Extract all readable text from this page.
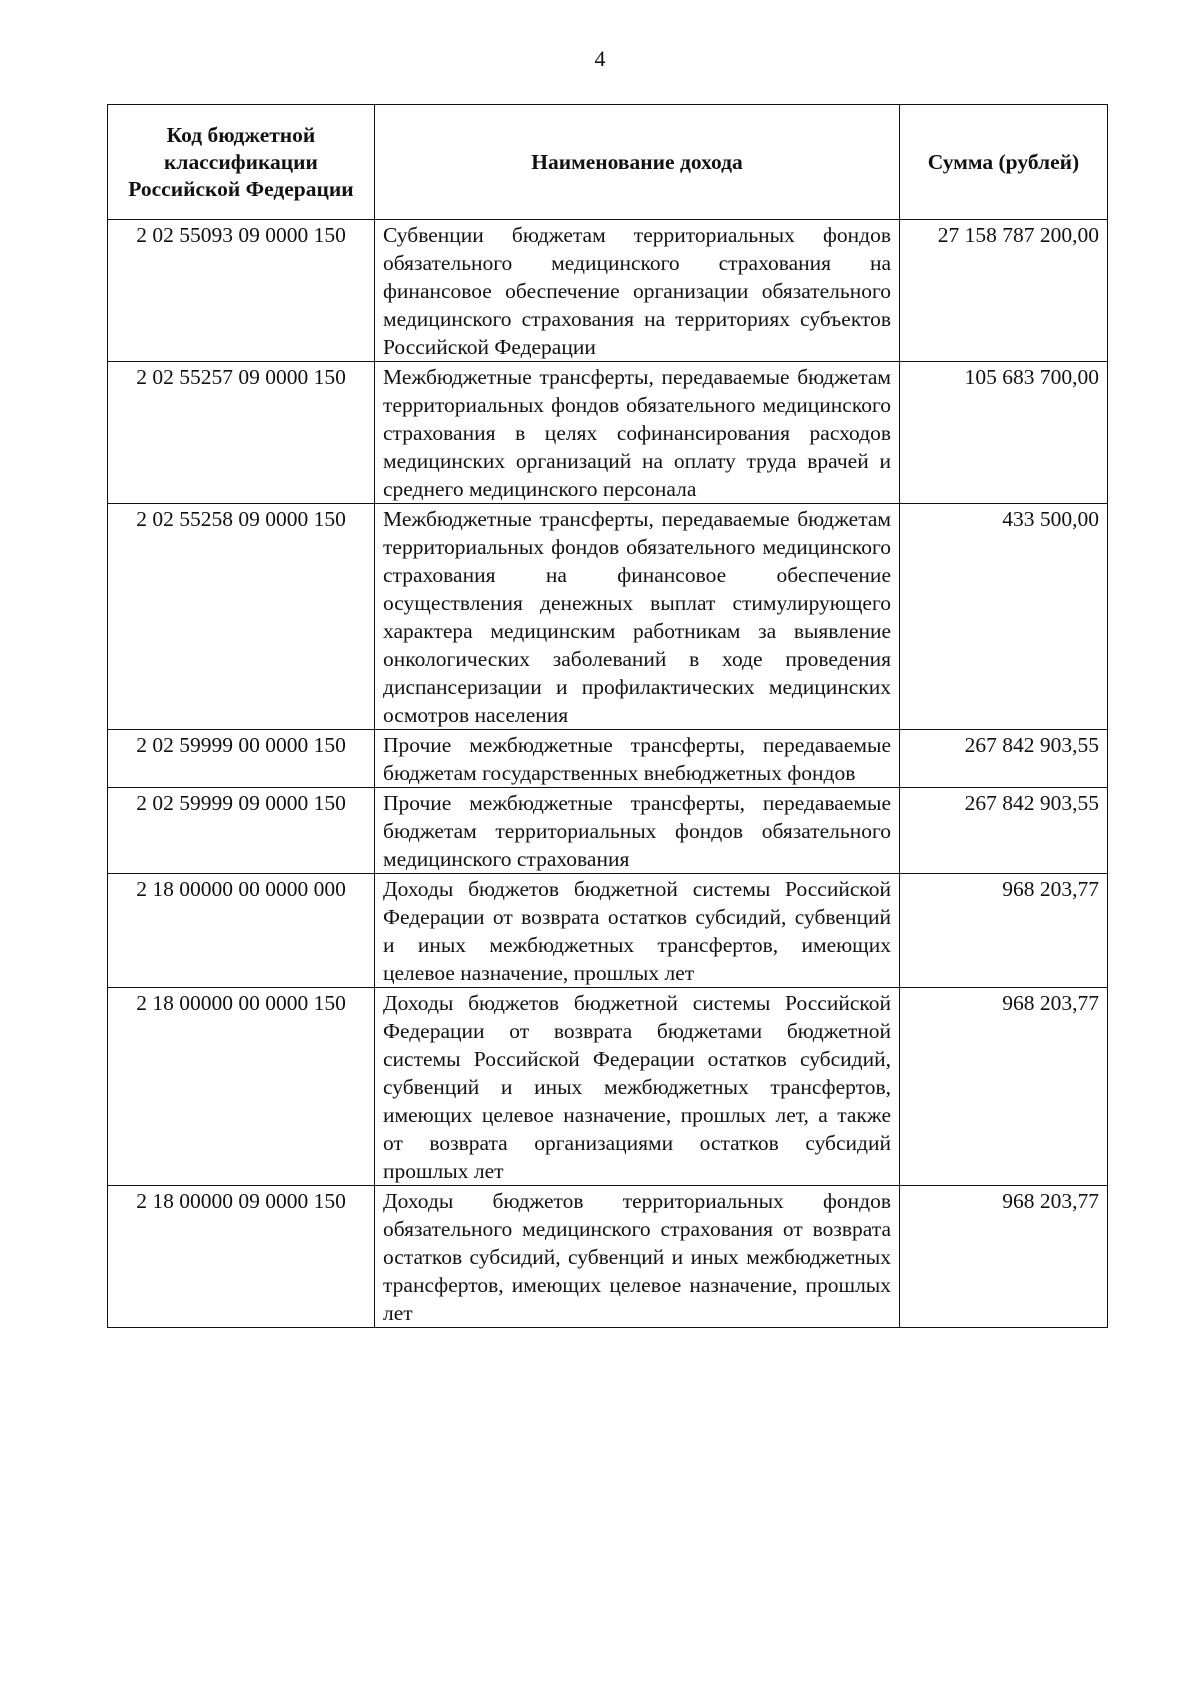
4
Код бюджетной классификации Российской Федерации	Наименование дохода	Сумма (рублей)
2 02 55093 09 0000 150	Субвенции бюджетам территориальных фондов обязательного медицинского страхования на финансовое обеспечение организации обязательного медицинского страхования на территориях субъектов Российской Федерации	27 158 787 200,00
2 02 55257 09 0000 150	Межбюджетные трансферты, передаваемые бюджетам территориальных фондов обязательного медицинского страхования в целях софинансирования расходов медицинских организаций на оплату труда врачей и среднего медицинского персонала	105 683 700,00
2 02 55258 09 0000 150	Межбюджетные трансферты, передаваемые бюджетам территориальных фондов обязательного медицинского страхования на финансовое обеспечение осуществления денежных выплат стимулирующего характера медицинским работникам за выявление онкологических заболеваний в ходе проведения диспансеризации и профилактических медицинских осмотров населения	433 500,00
2 02 59999 00 0000 150	Прочие межбюджетные трансферты, передаваемые бюджетам государственных внебюджетных фондов	267 842 903,55
2 02 59999 09 0000 150	Прочие межбюджетные трансферты, передаваемые бюджетам территориальных фондов обязательного медицинского страхования	267 842 903,55
2 18 00000 00 0000 000	Доходы бюджетов бюджетной системы Российской Федерации от возврата остатков субсидий, субвенций и иных межбюджетных трансфертов, имеющих целевое назначение, прошлых лет	968 203,77
2 18 00000 00 0000 150	Доходы бюджетов бюджетной системы Российской Федерации от возврата бюджетами бюджетной системы Российской Федерации остатков субсидий, субвенций и иных межбюджетных трансфертов, имеющих целевое назначение, прошлых лет, а также от возврата организациями остатков субсидий прошлых лет	968 203,77
2 18 00000 09 0000 150	Доходы бюджетов территориальных фондов обязательного медицинского страхования от возврата остатков субсидий, субвенций и иных межбюджетных трансфертов, имеющих целевое назначение, прошлых лет	968 203,77
